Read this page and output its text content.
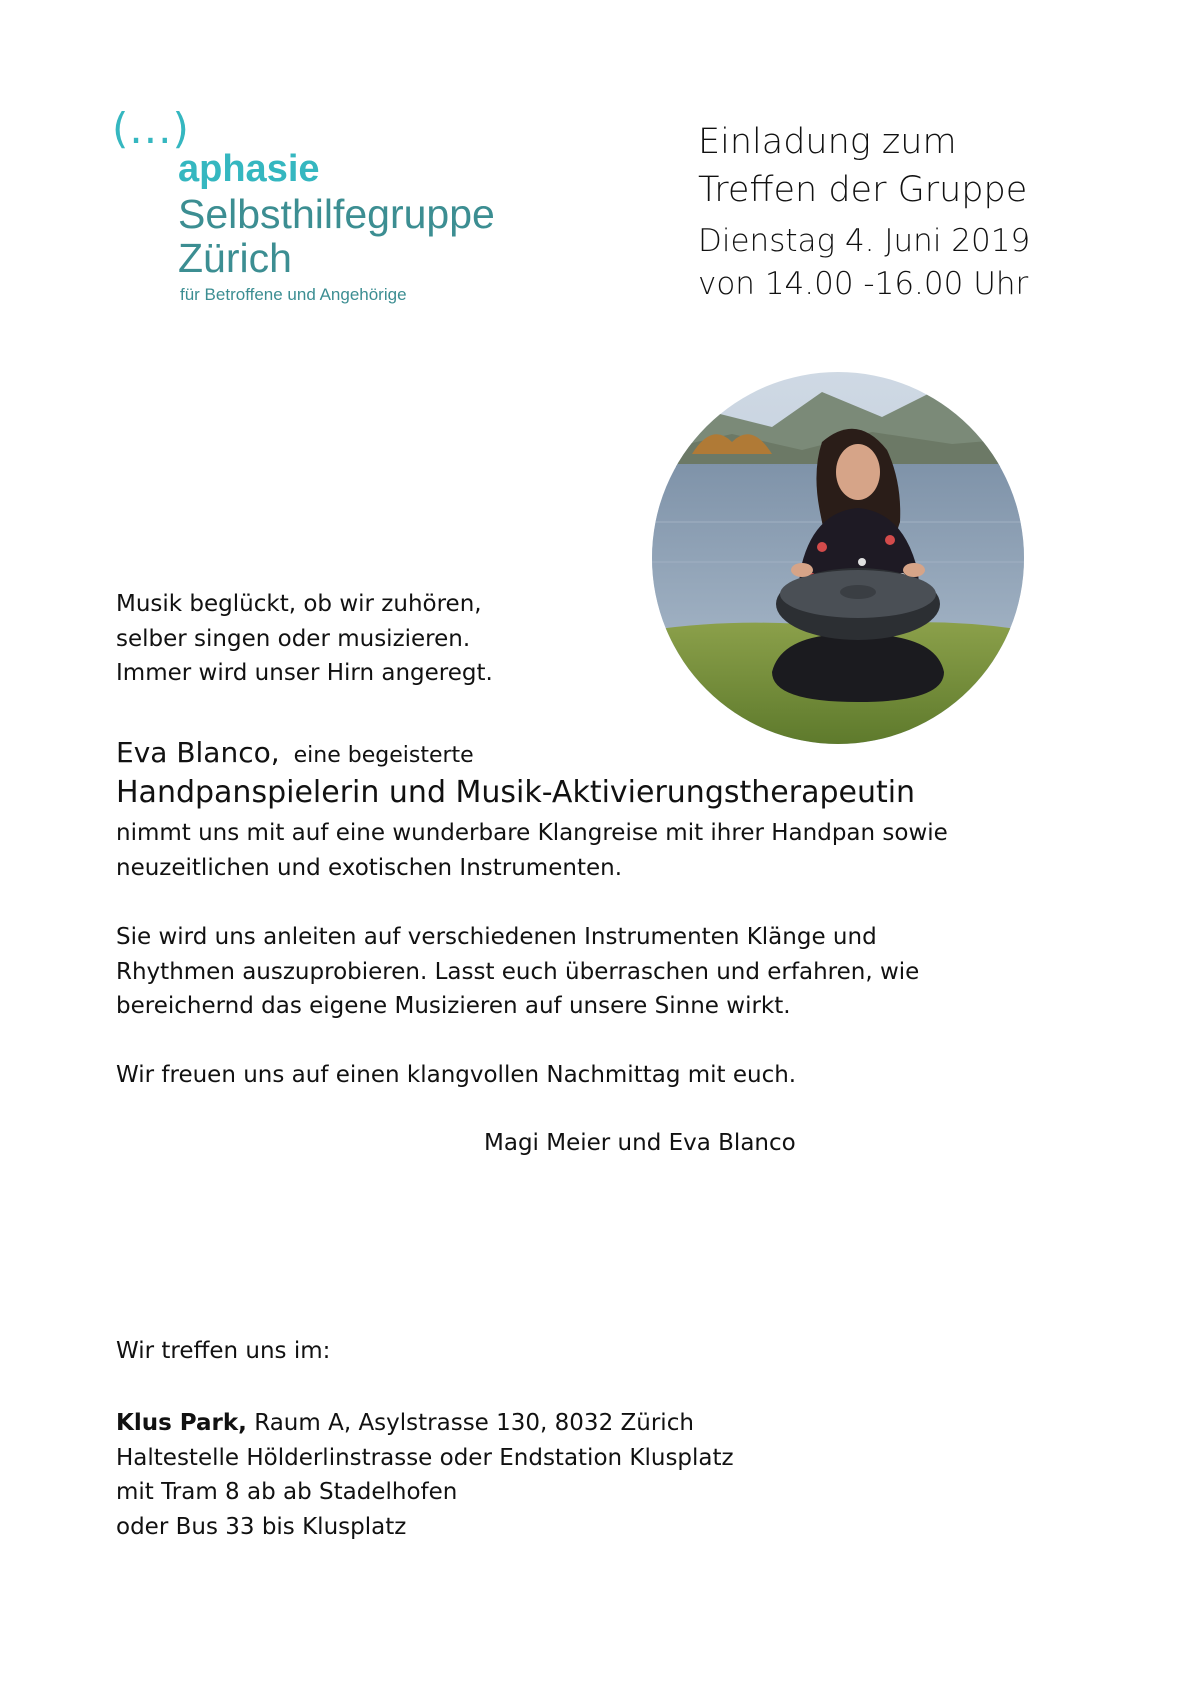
(...)
aphasie
Selbsthilfegruppe
Zürich
für Betroffene und Angehörige
Einladung zum
Treffen der Gruppe
Dienstag 4. Juni 2019
von 14.00 -16.00 Uhr
Musik beglückt, ob wir zuhören,
selber singen oder musizieren.
Immer wird unser Hirn angeregt.
Eva Blanco, eine begeisterte
Handpanspielerin und Musik-Aktivierungstherapeutin
nimmt uns mit auf eine wunderbare Klangreise mit ihrer Handpan sowie
neuzeitlichen und exotischen Instrumenten.
Sie wird uns anleiten auf verschiedenen Instrumenten Klänge und
Rhythmen auszuprobieren. Lasst euch überraschen und erfahren, wie
bereichernd das eigene Musizieren auf unsere Sinne wirkt.
Wir freuen uns auf einen klangvollen Nachmittag mit euch.
Magi Meier und Eva Blanco
Wir treffen uns im:
Klus Park, Raum A, Asylstrasse 130, 8032 Zürich
Haltestelle Hölderlinstrasse oder Endstation Klusplatz
mit Tram 8 ab ab Stadelhofen
oder Bus 33 bis Klusplatz
